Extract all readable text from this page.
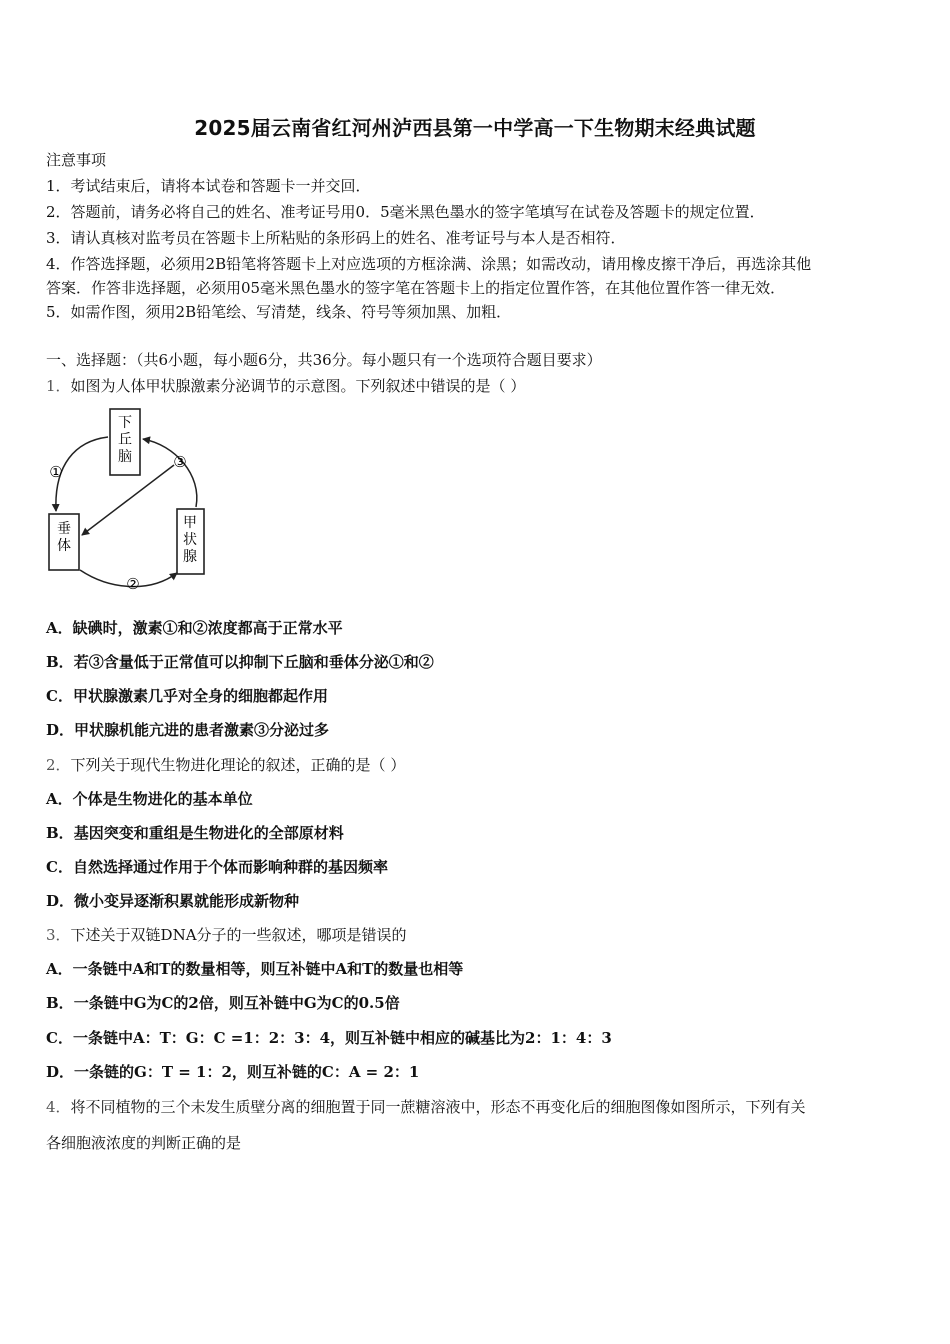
2025届云南省红河州泸西县第一中学高一下生物期末经典试题
注意事项
1．考试结束后，请将本试卷和答题卡一并交回．
2．答题前，请务必将自己的姓名、准考证号用0．5毫米黑色墨水的签字笔填写在试卷及答题卡的规定位置．
3．请认真核对监考员在答题卡上所粘贴的条形码上的姓名、准考证号与本人是否相符．
4．作答选择题，必须用2B铅笔将答题卡上对应选项的方框涂满、涂黑；如需改动，请用橡皮擦干净后，再选涂其他
答案．作答非选择题，必须用05毫米黑色墨水的签字笔在答题卡上的指定位置作答，在其他位置作答一律无效．
5．如需作图，须用2B铅笔绘、写清楚，线条、符号等须加黑、加粗．
一、选择题：（共6小题，每小题6分，共36分。每小题只有一个选项符合题目要求）
1．如图为人体甲状腺激素分泌调节的示意图。下列叙述中错误的是（ ）
下丘脑
垂体
甲状腺
①
②
③
A．缺碘时，激素①和②浓度都高于正常水平
B．若③含量低于正常值可以抑制下丘脑和垂体分泌①和②
C．甲状腺激素几乎对全身的细胞都起作用
D．甲状腺机能亢进的患者激素③分泌过多
2．下列关于现代生物进化理论的叙述，正确的是（ ）
A．个体是生物进化的基本单位
B．基因突变和重组是生物进化的全部原材料
C．自然选择通过作用于个体而影响种群的基因频率
D．微小变异逐渐积累就能形成新物种
3．下述关于双链DNA分子的一些叙述，哪项是错误的
A．一条链中A和T的数量相等，则互补链中A和T的数量也相等
B．一条链中G为C的2倍，则互补链中G为C的0.5倍
C．一条链中A：T：G：C =1：2：3：4，则互补链中相应的碱基比为2：1：4：3
D．一条链的G：T = 1：2，则互补链的C：A = 2：1
4．将不同植物的三个未发生质壁分离的细胞置于同一蔗糖溶液中，形态不再变化后的细胞图像如图所示，下列有关
各细胞液浓度的判断正确的是
